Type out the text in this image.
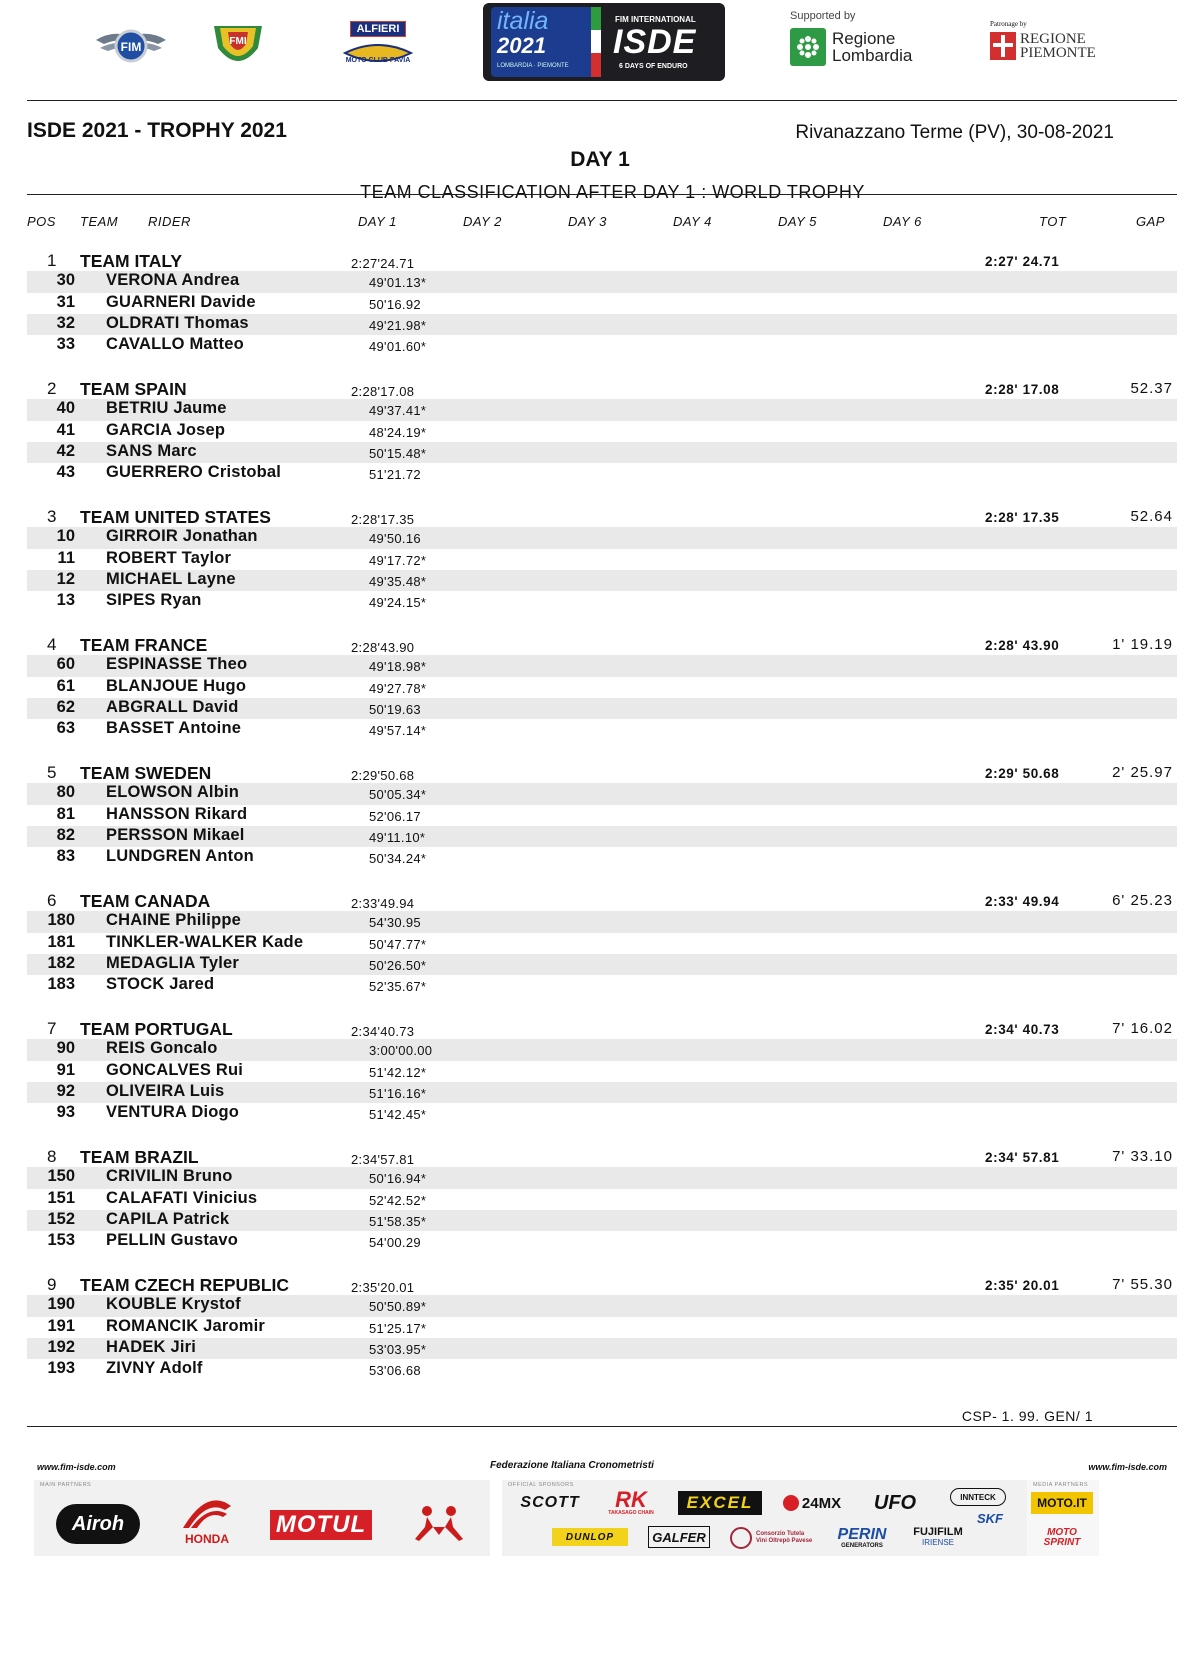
FIM	FMI
ALFIERI
MOTO CLUB PAVIA
italia
2021
LOMBARDIA · PIEMONTE
FIM INTERNATIONAL
ISDE
6 DAYS OF ENDURO
Supported by
Regione
Lombardia
Patronage by
REGIONE
PIEMONTE
ISDE 2021 - TROPHY 2021	Rivanazzano Terme (PV), 30-08-2021
DAY 1
TEAM CLASSIFICATION AFTER DAY 1 : WORLD TROPHY
POS TEAM RIDER	DAY 1	DAY 2	DAY 3	DAY 4	DAY 5	DAY 6	TOT	GAP
1 TEAM ITALY	2:27'24.71	2:27' 24.71
30 VERONA Andrea	49'01.13*
31 GUARNERI Davide	50'16.92
32 OLDRATI Thomas	49'21.98*
33 CAVALLO Matteo	49'01.60*
2 TEAM SPAIN	2:28'17.08	2:28' 17.08	52.37
40 BETRIU Jaume	49'37.41*
41 GARCIA Josep	48'24.19*
42 SANS Marc	50'15.48*
43 GUERRERO Cristobal	51'21.72
3 TEAM UNITED STATES	2:28'17.35	2:28' 17.35	52.64
10 GIRROIR Jonathan	49'50.16
11 ROBERT Taylor	49'17.72*
12 MICHAEL Layne	49'35.48*
13 SIPES Ryan	49'24.15*
4 TEAM FRANCE	2:28'43.90	2:28' 43.90	1' 19.19
60 ESPINASSE Theo	49'18.98*
61 BLANJOUE Hugo	49'27.78*
62 ABGRALL David	50'19.63
63 BASSET Antoine	49'57.14*
5 TEAM SWEDEN	2:29'50.68	2:29' 50.68	2' 25.97
80 ELOWSON Albin	50'05.34*
81 HANSSON Rikard	52'06.17
82 PERSSON Mikael	49'11.10*
83 LUNDGREN Anton	50'34.24*
6 TEAM CANADA	2:33'49.94	2:33' 49.94	6' 25.23
180 CHAINE Philippe	54'30.95
181 TINKLER-WALKER Kade	50'47.77*
182 MEDAGLIA Tyler	50'26.50*
183 STOCK Jared	52'35.67*
7 TEAM PORTUGAL	2:34'40.73	2:34' 40.73	7' 16.02
90 REIS Goncalo	3:00'00.00
91 GONCALVES Rui	51'42.12*
92 OLIVEIRA Luis	51'16.16*
93 VENTURA Diogo	51'42.45*
8 TEAM BRAZIL	2:34'57.81	2:34' 57.81	7' 33.10
150 CRIVILIN Bruno	50'16.94*
151 CALAFATI Vinicius	52'42.52*
152 CAPILA Patrick	51'58.35*
153 PELLIN Gustavo	54'00.29
9 TEAM CZECH REPUBLIC	2:35'20.01	2:35' 20.01	7' 55.30
190 KOUBLE Krystof	50'50.89*
191 ROMANCIK Jaromir	51'25.17*
192 HADEK Jiri	53'03.95*
193 ZIVNY Adolf	53'06.68
CSP- 1. 99. GEN/ 1
www.fim-isde.com	Federazione Italiana Cronometristi	www.fim-isde.com
MAIN PARTNERS
Airoh
HONDA
MOTUL
OFFICIAL SPONSORS
SCOTT	RK
TAKASAGO CHAIN
EXCEL	24MX	UFO	INNTECK
DUNLOP	GALFER	Consorzio Tutela Vini Oltrepò Pavese PERIN
GENERATORS
FUJIFILM
IRIENSE
SKF
MEDIA PARTNERS
MOTO.IT
MOTO SPRINT
